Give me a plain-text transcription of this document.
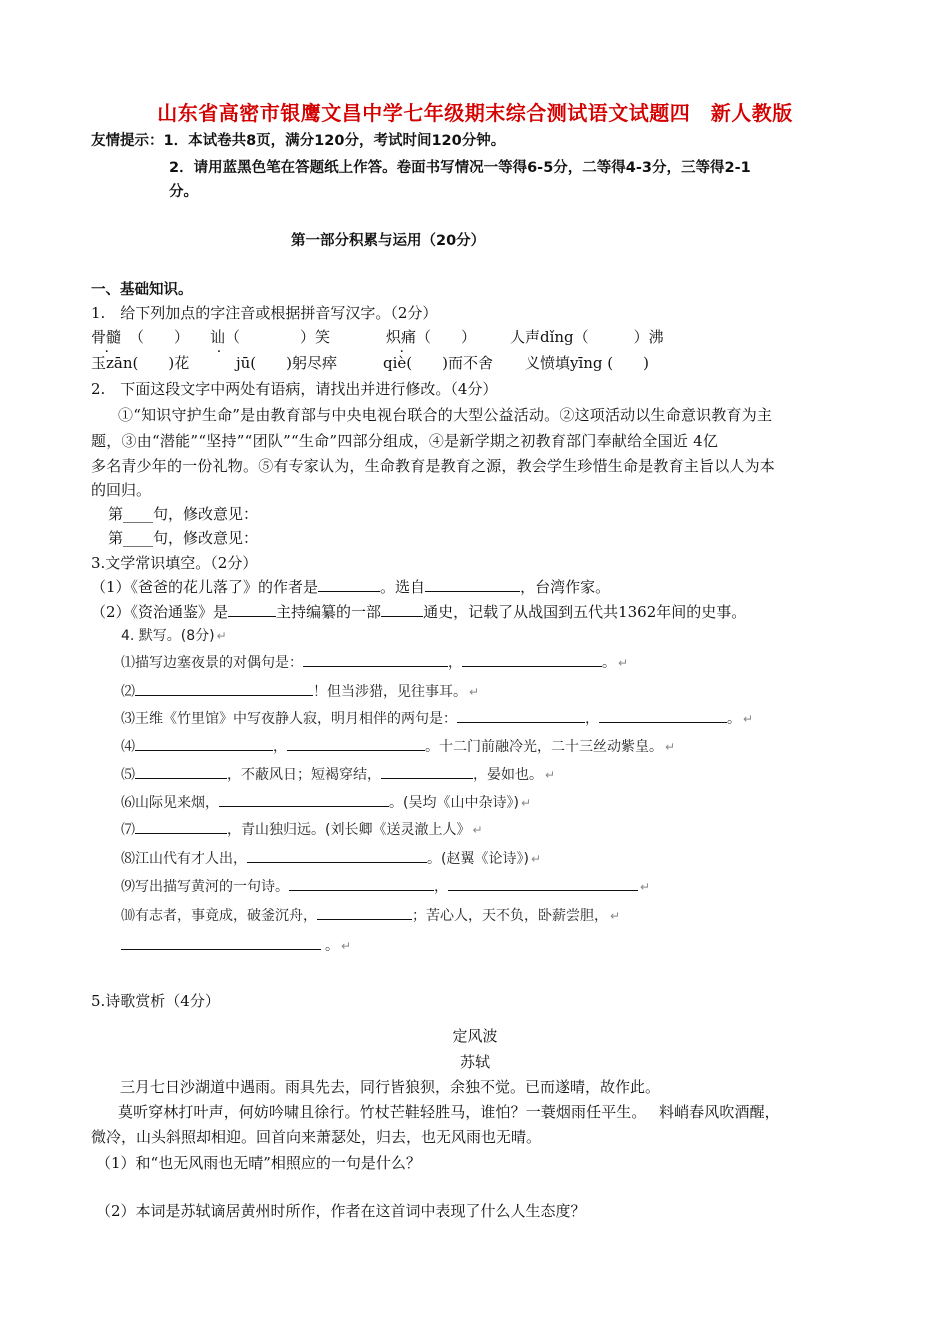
山东省高密市银鹰文昌中学七年级期末综合测试语文试题四　新人教版
友情提示：1．本试卷共8页，满分120分，考试时间120分钟。
2．请用蓝黑色笔在答题纸上作答。卷面书写情况一等得6-5分，二等得4-3分，三等得2-1
分。
第一部分积累与运用（20分）
一、基础知识。
1.　给下列加点的字注音或根据拼音写汉字。（2分）
骨髓 （　　） 讪（　　　　）笑	炽痛（　　） 人声dǐng（　　　）沸
玉zān(　　)花	jū(　　)躬尽瘁	qiè(　　)而不舍 义愤填yīng (　　)
2.　下面这段文字中两处有语病，请找出并进行修改。（4分）
①“知识守护生命”是由教育部与中央电视台联合的大型公益活动。②这项活动以生命意识教育为主
题，③由“潜能”“坚持”“团队”“生命”四部分组成，④是新学期之初教育部门奉献给全国近 4亿
多名青少年的一份礼物。⑤有专家认为，生命教育是教育之源，教会学生珍惜生命是教育主旨以人为本
的回归。
第____句，修改意见：
第____句，修改意见：
3.文学常识填空。（2分）
（1）《爸爸的花儿落了》的作者是	。选自	，台湾作家。
（2）《资治通鉴》是	主持编纂的一部	通史，记载了从战国到五代共1362年间的史事。
4. 默写。(8分) ↵
⑴描写边塞夜景的对偶句是：	，	。 ↵
⑵	！但当涉猎，见往事耳。 ↵
⑶王维《竹里馆》中写夜静人寂，明月相伴的两句是：	，	。 ↵
⑷	，	。十二门前融冷光，二十三丝动紫皇。 ↵
⑸	，不蔽风日；短褐穿结，	，晏如也。 ↵
⑹山际见来烟，	。(吴均《山中杂诗》) ↵
⑺	，青山独归远。(刘长卿《送灵澈上人》 ↵
⑻江山代有才人出，	。(赵翼《论诗》) ↵
⑼写出描写黄河的一句诗。	，	↵
⑽有志者，事竟成，破釜沉舟，	；苦心人，天不负，卧薪尝胆， ↵
。 ↵
5.诗歌赏析（4分）
定风波
苏轼
三月七日沙湖道中遇雨。雨具先去，同行皆狼狈，余独不觉。已而遂晴，故作此。
莫听穿林打叶声，何妨吟啸且徐行。竹杖芒鞋轻胜马，谁怕？一蓑烟雨任平生。　 料峭春风吹酒醒，
微冷，山头斜照却相迎。回首向来萧瑟处，归去，也无风雨也无晴。
（1）和“也无风雨也无晴”相照应的一句是什么？
（2）本词是苏轼谪居黄州时所作，作者在这首词中表现了什么人生态度？
